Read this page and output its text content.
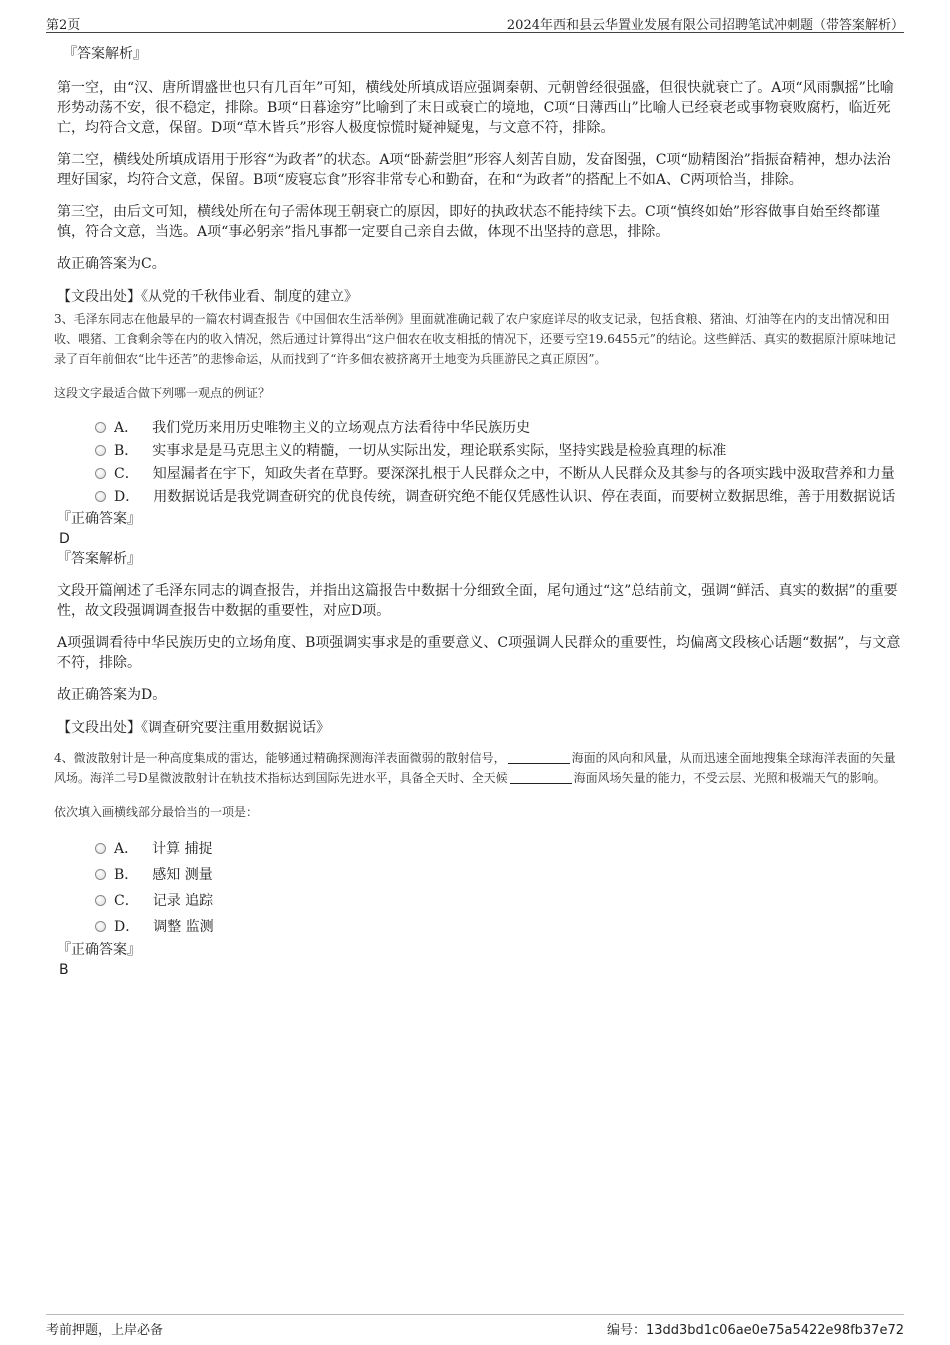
第2页	2024年西和县云华置业发展有限公司招聘笔试冲刺题（带答案解析）
『答案解析』

第一空，由“汉、唐所谓盛世也只有几百年”可知，横线处所填成语应强调秦朝、元朝曾经很强盛，但很快就衰亡了。A项“风雨飘摇”比喻形势动荡不安，很不稳定，排除。B项“日暮途穷”比喻到了末日或衰亡的境地，C项“日薄西山”比喻人已经衰老或事物衰败腐朽，临近死亡，均符合文意，保留。D项“草木皆兵”形容人极度惊慌时疑神疑鬼，与文意不符，排除。

第二空，横线处所填成语用于形容“为政者”的状态。A项“卧薪尝胆”形容人刻苦自励，发奋图强，C项“励精图治”指振奋精神，想办法治理好国家，均符合文意，保留。B项“废寝忘食”形容非常专心和勤奋，在和“为政者”的搭配上不如A、C两项恰当，排除。

第三空，由后文可知，横线处所在句子需体现王朝衰亡的原因，即好的执政状态不能持续下去。C项“慎终如始”形容做事自始至终都谨慎，符合文意，当选。A项“事必躬亲”指凡事都一定要自己亲自去做，体现不出坚持的意思，排除。

故正确答案为C。

【文段出处】《从党的千秋伟业看、制度的建立》

3、毛泽东同志在他最早的一篇农村调查报告《中国佃农生活举例》里面就准确记载了农户家庭详尽的收支记录，包括食粮、猪油、灯油等在内的支出情况和田收、喂猪、工食剩余等在内的收入情况，然后通过计算得出“这户佃农在收支相抵的情况下，还要亏空19.6455元”的结论。这些鲜活、真实的数据原汁原味地记录了百年前佃农“比牛还苦”的悲惨命运，从而找到了“许多佃农被挤离开土地变为兵匪游民之真正原因”。

这段文字最适合做下列哪一观点的例证？

A． 我们党历来用历史唯物主义的立场观点方法看待中华民族历史

B． 实事求是是马克思主义的精髓，一切从实际出发，理论联系实际，坚持实践是检验真理的标准

C． 知屋漏者在宇下，知政失者在草野。要深深扎根于人民群众之中，不断从人民群众及其参与的各项实践中汲取营养和力量

D． 用数据说话是我党调查研究的优良传统，调查研究绝不能仅凭感性认识、停在表面，而要树立数据思维，善于用数据说话

『正确答案』

D

『答案解析』

文段开篇阐述了毛泽东同志的调查报告，并指出这篇报告中数据十分细致全面，尾句通过“这”总结前文，强调“鲜活、真实的数据”的重要性，故文段强调调查报告中数据的重要性，对应D项。

A项强调看待中华民族历史的立场角度、B项强调实事求是的重要意义、C项强调人民群众的重要性，均偏离文段核心话题“数据”，与文意不符，排除。

故正确答案为D。

【文段出处】《调查研究要注重用数据说话》

4、微波散射计是一种高度集成的雷达，能够通过精确探测海洋表面微弱的散射信号，	海面的风向和风量，从而迅速全面地搜集全球海洋表面的矢量风场。海洋二号D星微波散射计在轨技术指标达到国际先进水平，具备全天时、全天候	海面风场矢量的能力，不受云层、光照和极端天气的影响。

依次填入画横线部分最恰当的一项是：

A． 计算 捕捉

B． 感知 测量

C． 记录 追踪

D． 调整 监测

『正确答案』

B

考前押题，上岸必备	编号：13dd3bd1c06ae0e75a5422e98fb37e72
